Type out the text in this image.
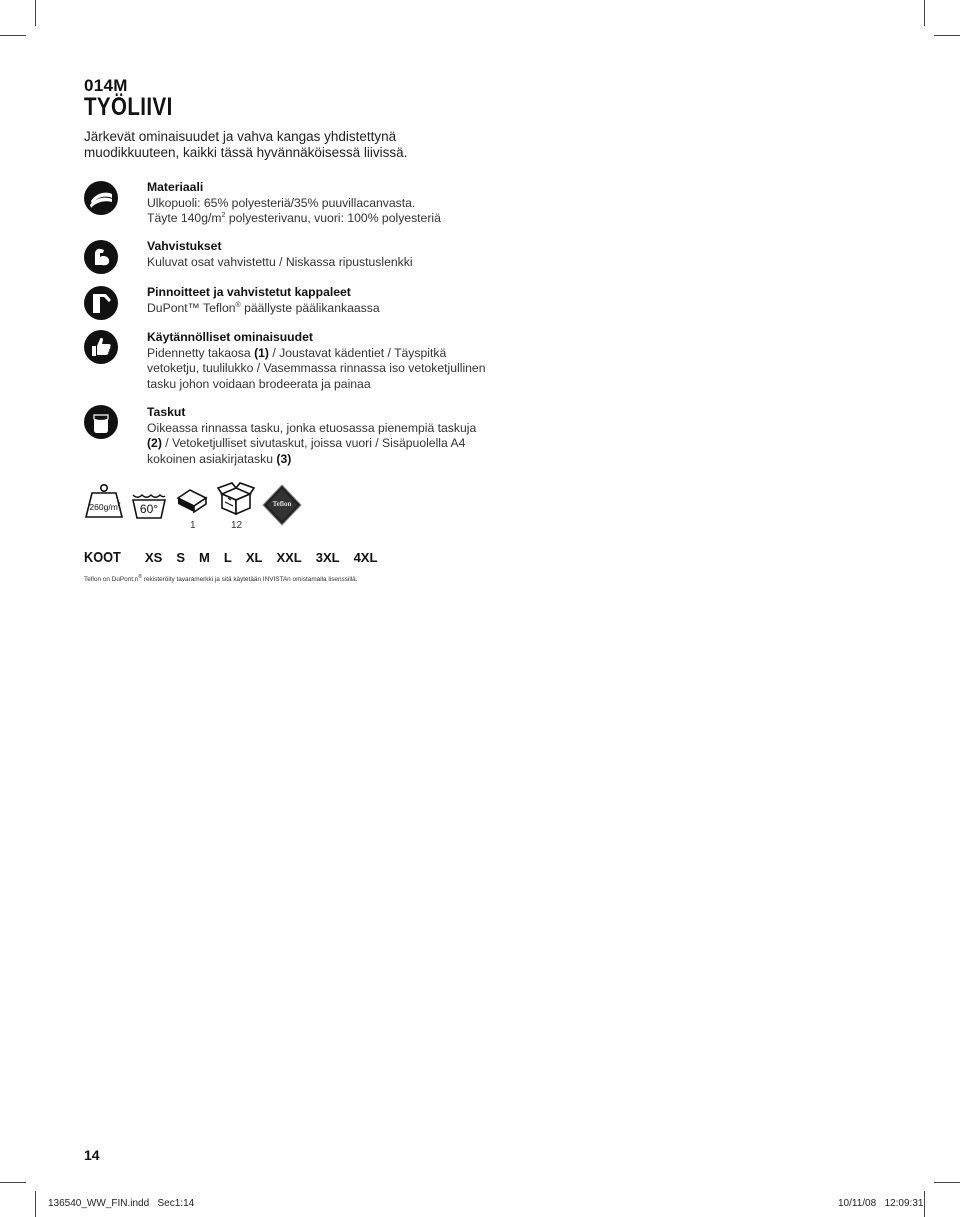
014M
TYÖLIIVI
Järkevät ominaisuudet ja vahva kangas yhdistettynä muodikkuuteen, kaikki tässä hyvännäköisessä liivissä.
Materiaali
Ulkopuoli: 65% polyesteriä/35% puuvillacanvasta.
Täyte $140g/m^2$ polyesterivanu, vuori: 100% polyesteriä
Vahvistukset
Kuluvat osat vahvistettu / Niskassa ripustuslenkki
Pinnoitteet ja vahvistetut kappaleet
DuPont™ Teflon® päällyste päälikankaassa
Käytännölliset ominaisuudet
Pidennetty takaosa (1) / Joustavat kädentiet / Täyspitkä vetoketju, tuulilukko / Vasemmassa rinnassa iso vetoketjullinen tasku johon voidaan brodeerata ja painaa
Taskut
Oikeassa rinnassa tasku, jonka etuosassa pienempiä taskuja (2) / Vetoketjulliset sivutaskut, joissa vuori / Sisäpuolella A4 kokoinen asiakirjatasku (3)
$260g/m^2$	60°
1	12
Teflon
KOOT XS S M L XL XXL 3XL 4XL
Teflon on DuPont:n® rekisteröity tavaramerkki ja sitä käytetään INVISTAn omistamalla lisenssillä.
14
136540_WW_FIN.indd   Sec1:14	10/11/08   12:09:31
